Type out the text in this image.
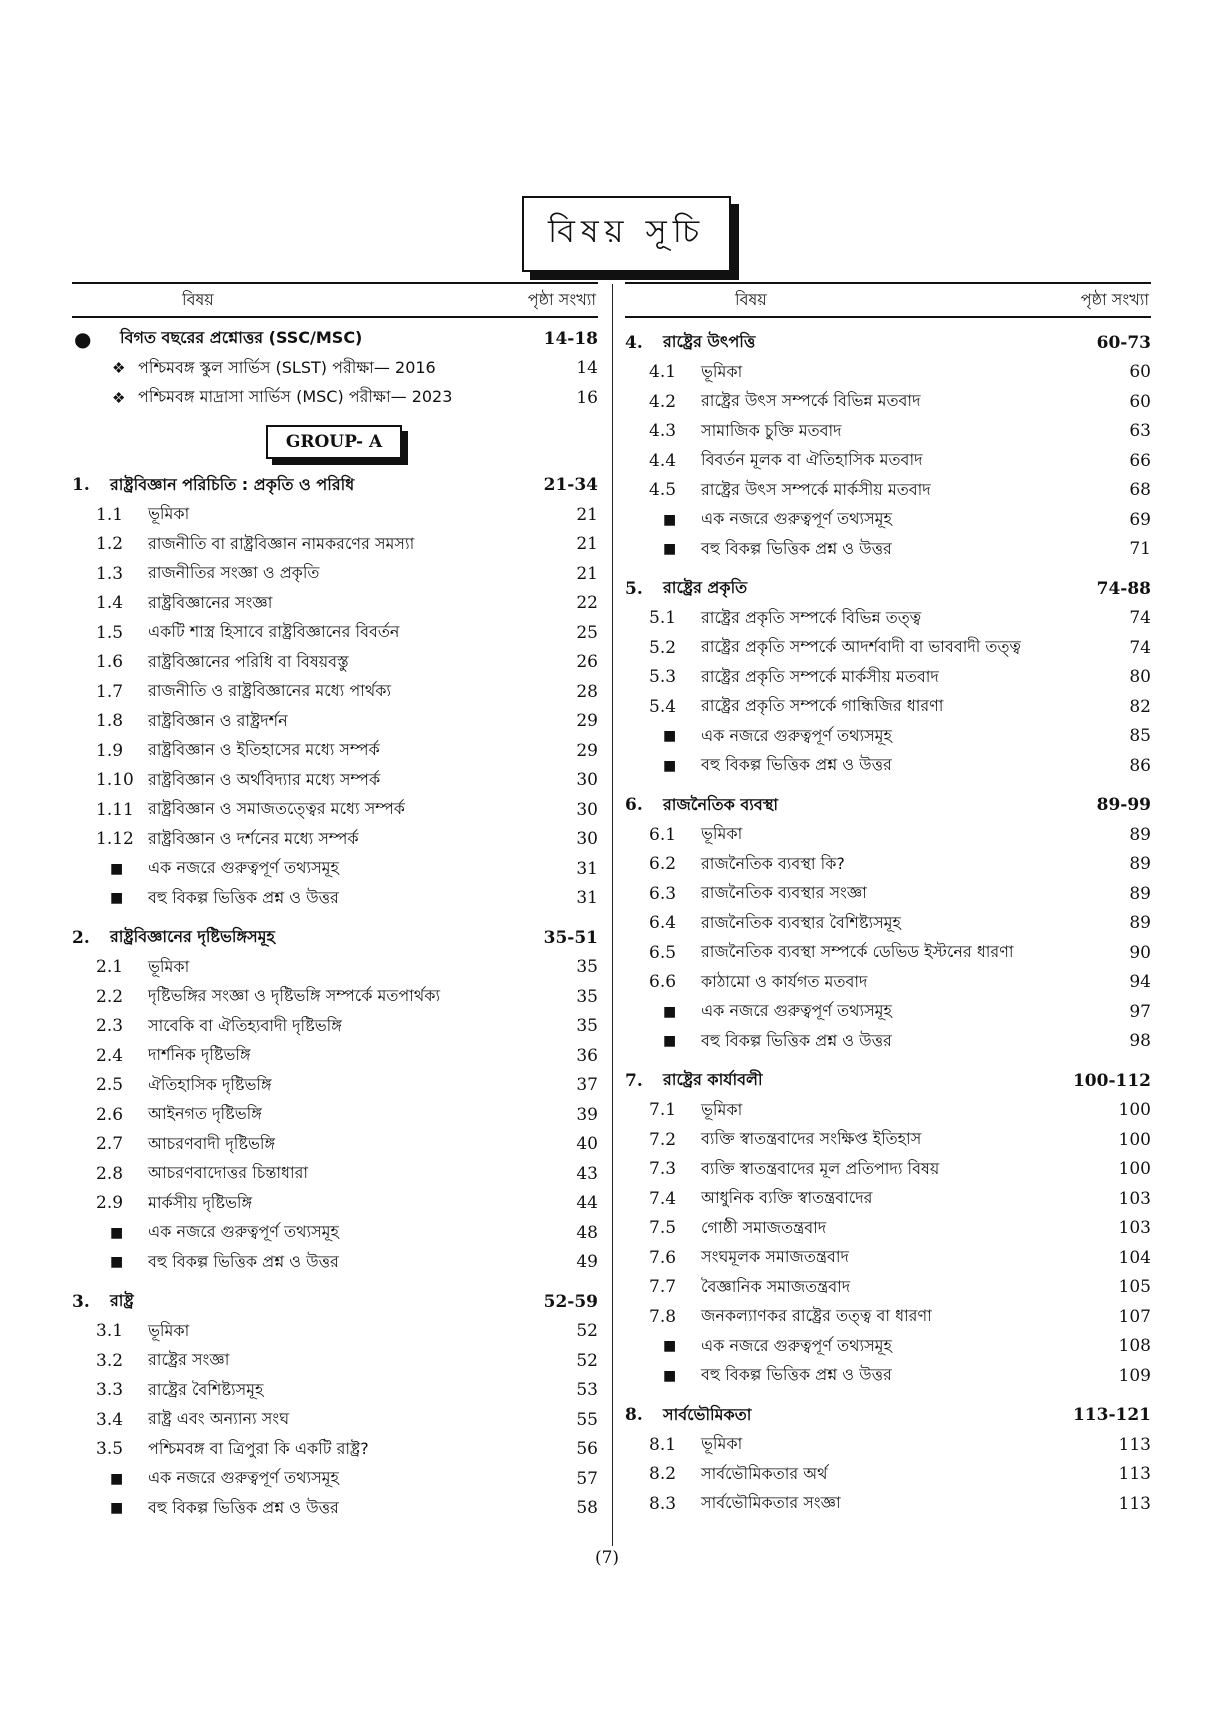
বিষয় সূচি
বিষয়	পৃষ্ঠা সংখ্যা
●	বিগত বছরের প্রশ্নোত্তর (SSC/MSC)	14-18
❖ পশ্চিমবঙ্গ স্কুল সার্ভিস (SLST) পরীক্ষা— 2016	14
❖ পশ্চিমবঙ্গ মাদ্রাসা সার্ভিস (MSC) পরীক্ষা— 2023	16
GROUP- A
1.	রাষ্ট্রবিজ্ঞান পরিচিতি : প্রকৃতি ও পরিধি	21-34
1.1	ভূমিকা	21
1.2	রাজনীতি বা রাষ্ট্রবিজ্ঞান নামকরণের সমস্যা	21
1.3	রাজনীতির সংজ্ঞা ও প্রকৃতি	21
1.4	রাষ্ট্রবিজ্ঞানের সংজ্ঞা	22
1.5	একটি শাস্ত্র হিসাবে রাষ্ট্রবিজ্ঞানের বিবর্তন	25
1.6	রাষ্ট্রবিজ্ঞানের পরিধি বা বিষয়বস্তু	26
1.7	রাজনীতি ও রাষ্ট্রবিজ্ঞানের মধ্যে পার্থক্য	28
1.8	রাষ্ট্রবিজ্ঞান ও রাষ্ট্রদর্শন	29
1.9	রাষ্ট্রবিজ্ঞান ও ইতিহাসের মধ্যে সম্পর্ক	29
1.10 রাষ্ট্রবিজ্ঞান ও অর্থবিদ্যার মধ্যে সম্পর্ক	30
1.11 রাষ্ট্রবিজ্ঞান ও সমাজতত্ত্বের মধ্যে সম্পর্ক	30
1.12 রাষ্ট্রবিজ্ঞান ও দর্শনের মধ্যে সম্পর্ক	30
■	এক নজরে গুরুত্বপূর্ণ তথ্যসমূহ	31
■	বহু বিকল্প ভিত্তিক প্রশ্ন ও উত্তর	31
2.	রাষ্ট্রবিজ্ঞানের দৃষ্টিভঙ্গিসমূহ	35-51
2.1	ভূমিকা	35
2.2	দৃষ্টিভঙ্গির সংজ্ঞা ও দৃষ্টিভঙ্গি সম্পর্কে মতপার্থক্য	35
2.3	সাবেকি বা ঐতিহ্যবাদী দৃষ্টিভঙ্গি	35
2.4	দার্শনিক দৃষ্টিভঙ্গি	36
2.5	ঐতিহাসিক দৃষ্টিভঙ্গি	37
2.6	আইনগত দৃষ্টিভঙ্গি	39
2.7	আচরণবাদী দৃষ্টিভঙ্গি	40
2.8	আচরণবাদোত্তর চিন্তাধারা	43
2.9	মার্কসীয় দৃষ্টিভঙ্গি	44
■	এক নজরে গুরুত্বপূর্ণ তথ্যসমূহ	48
■	বহু বিকল্প ভিত্তিক প্রশ্ন ও উত্তর	49
3.	রাষ্ট্র	52-59
3.1	ভূমিকা	52
3.2	রাষ্ট্রের সংজ্ঞা	52
3.3	রাষ্ট্রের বৈশিষ্ট্যসমূহ	53
3.4	রাষ্ট্র এবং অন্যান্য সংঘ	55
3.5	পশ্চিমবঙ্গ বা ত্রিপুরা কি একটি রাষ্ট্র?	56
■	এক নজরে গুরুত্বপূর্ণ তথ্যসমূহ	57
■	বহু বিকল্প ভিত্তিক প্রশ্ন ও উত্তর	58
বিষয়	পৃষ্ঠা সংখ্যা
4.	রাষ্ট্রের উৎপত্তি	60-73
4.1	ভূমিকা	60
4.2	রাষ্ট্রের উৎস সম্পর্কে বিভিন্ন মতবাদ	60
4.3	সামাজিক চুক্তি মতবাদ	63
4.4	বিবর্তন মূলক বা ঐতিহাসিক মতবাদ	66
4.5	রাষ্ট্রের উৎস সম্পর্কে মার্কসীয় মতবাদ	68
■	এক নজরে গুরুত্বপূর্ণ তথ্যসমূহ	69
■	বহু বিকল্প ভিত্তিক প্রশ্ন ও উত্তর	71
5.	রাষ্ট্রের প্রকৃতি	74-88
5.1	রাষ্ট্রের প্রকৃতি সম্পর্কে বিভিন্ন তত্ত্ব	74
5.2	রাষ্ট্রের প্রকৃতি সম্পর্কে আদর্শবাদী বা ভাববাদী তত্ত্ব	74
5.3	রাষ্ট্রের প্রকৃতি সম্পর্কে মার্কসীয় মতবাদ	80
5.4	রাষ্ট্রের প্রকৃতি সম্পর্কে গান্ধিজির ধারণা	82
■	এক নজরে গুরুত্বপূর্ণ তথ্যসমূহ	85
■	বহু বিকল্প ভিত্তিক প্রশ্ন ও উত্তর	86
6.	রাজনৈতিক ব্যবস্থা	89-99
6.1	ভূমিকা	89
6.2	রাজনৈতিক ব্যবস্থা কি?	89
6.3	রাজনৈতিক ব্যবস্থার সংজ্ঞা	89
6.4	রাজনৈতিক ব্যবস্থার বৈশিষ্ট্যসমূহ	89
6.5	রাজনৈতিক ব্যবস্থা সম্পর্কে ডেভিড ইস্টনের ধারণা	90
6.6	কাঠামো ও কার্যগত মতবাদ	94
■	এক নজরে গুরুত্বপূর্ণ তথ্যসমূহ	97
■	বহু বিকল্প ভিত্তিক প্রশ্ন ও উত্তর	98
7.	রাষ্ট্রের কার্যাবলী	100-112
7.1	ভূমিকা	100
7.2	ব্যক্তি স্বাতন্ত্রবাদের সংক্ষিপ্ত ইতিহাস	100
7.3	ব্যক্তি স্বাতন্ত্রবাদের মূল প্রতিপাদ্য বিষয়	100
7.4	আধুনিক ব্যক্তি স্বাতন্ত্রবাদের	103
7.5	গোষ্ঠী সমাজতন্ত্রবাদ	103
7.6	সংঘমূলক সমাজতন্ত্রবাদ	104
7.7	বৈজ্ঞানিক সমাজতন্ত্রবাদ	105
7.8	জনকল্যাণকর রাষ্ট্রের তত্ত্ব বা ধারণা	107
■	এক নজরে গুরুত্বপূর্ণ তথ্যসমূহ	108
■	বহু বিকল্প ভিত্তিক প্রশ্ন ও উত্তর	109
8.	সার্বভৌমিকতা	113-121
8.1	ভূমিকা	113
8.2	সার্বভৌমিকতার অর্থ	113
8.3	সার্বভৌমিকতার সংজ্ঞা	113
(7)
